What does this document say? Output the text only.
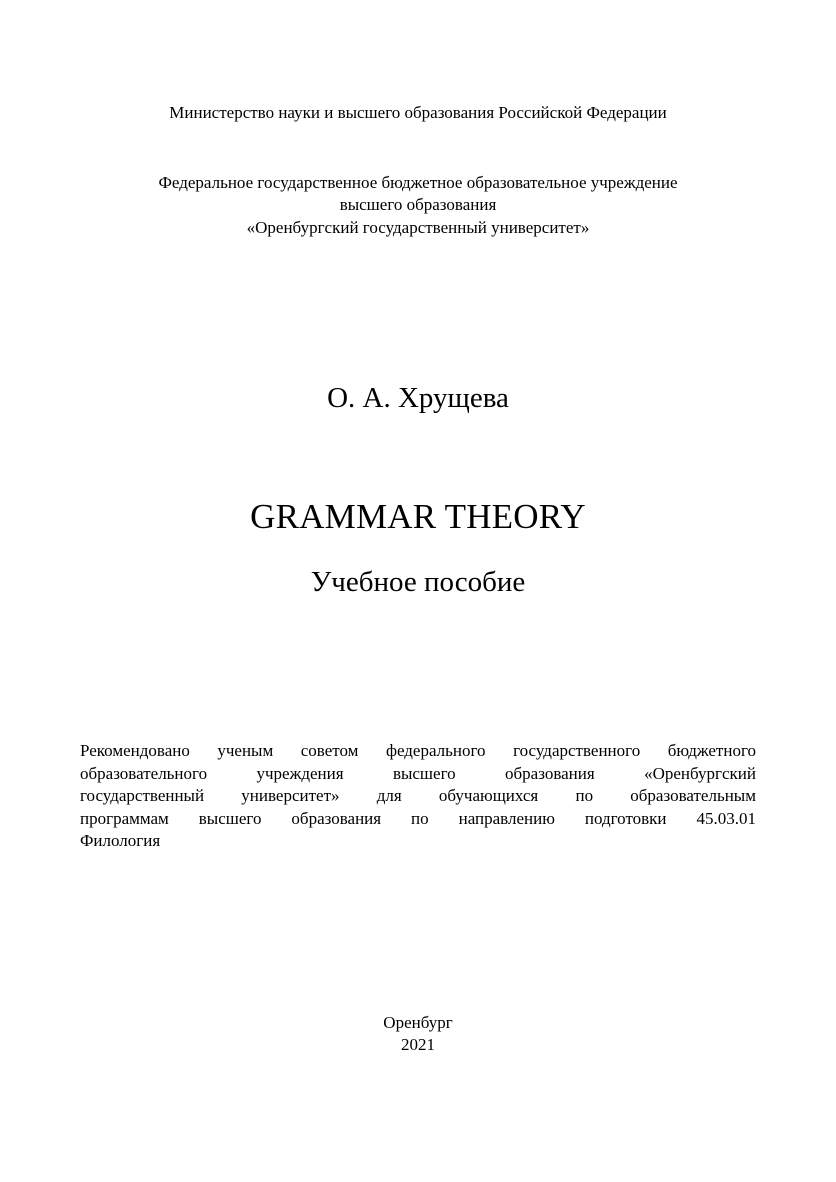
Министерство науки и высшего образования Российской Федерации
Федеральное государственное бюджетное образовательное учреждение
высшего образования
«Оренбургский государственный университет»
О. А. Хрущева
GRAMMAR THEORY
Учебное пособие
Рекомендовано ученым советом федерального государственного бюджетного
образовательного учреждения высшего образования «Оренбургский
государственный университет» для обучающихся по образовательным
программам высшего образования по направлению подготовки 45.03.01
Филология
Оренбург
2021
